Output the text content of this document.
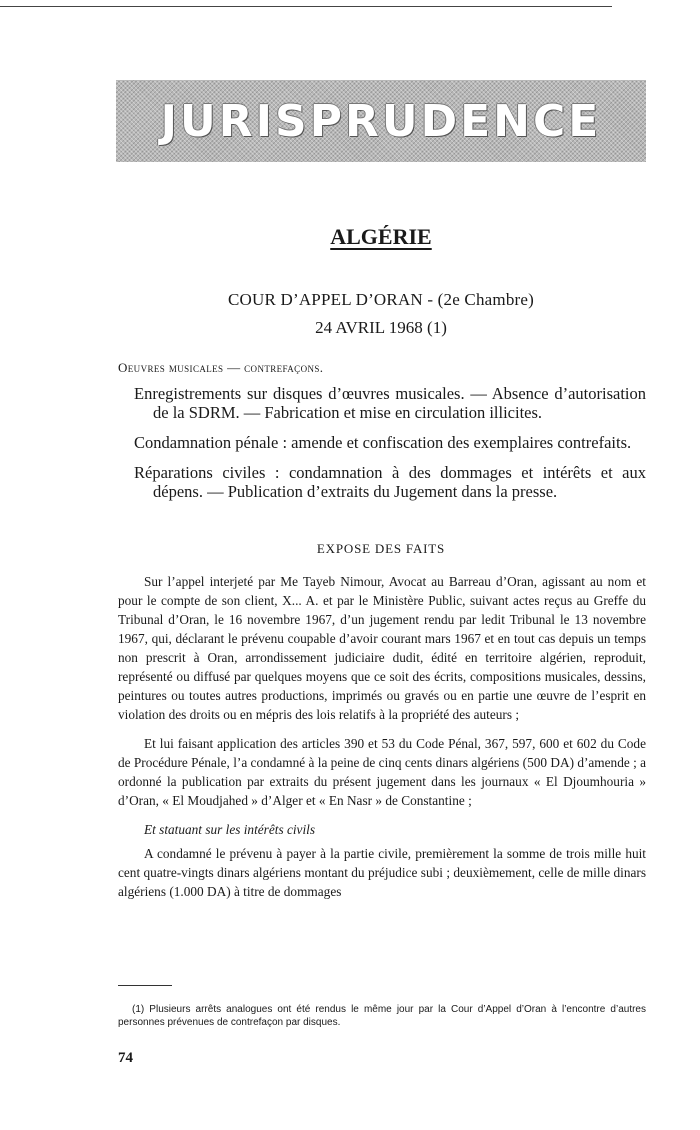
JURISPRUDENCE
ALGÉRIE
COUR D’APPEL D’ORAN - (2e Chambre)
24 AVRIL 1968 (1)
Oeuvres musicales — contrefaçons.

Enregistrements sur disques d’œuvres musicales. — Absence d’autorisation de la SDRM. — Fabrication et mise en circulation illicites.

Condamnation pénale : amende et confiscation des exemplaires contrefaits.

Réparations civiles : condamnation à des dommages et intérêts et aux dépens. — Publication d’extraits du Jugement dans la presse.

EXPOSE DES FAITS

Sur l’appel interjeté par Me Tayeb Nimour, Avocat au Barreau d’Oran, agissant au nom et pour le compte de son client, X... A. et par le Ministère Public, suivant actes reçus au Greffe du Tribunal d’Oran, le 16 novembre 1967, d’un jugement rendu par ledit Tribunal le 13 novembre 1967, qui, déclarant le prévenu coupable d’avoir courant mars 1967 et en tout cas depuis un temps non prescrit à Oran, arrondissement judiciaire dudit, édité en territoire algérien, reproduit, représenté ou diffusé par quelques moyens que ce soit des écrits, compositions musicales, dessins, peintures ou toutes autres productions, imprimés ou gravés ou en partie une œuvre de l’esprit en violation des droits ou en mépris des lois relatifs à la propriété des auteurs ;

Et lui faisant application des articles 390 et 53 du Code Pénal, 367, 597, 600 et 602 du Code de Procédure Pénale, l’a condamné à la peine de cinq cents dinars algériens (500 DA) d’amende ; a ordonné la publication par extraits du présent jugement dans les journaux « El Djoumhouria » d’Oran, « El Moudjahed » d’Alger et « En Nasr » de Constantine ;

Et statuant sur les intérêts civils

A condamné le prévenu à payer à la partie civile, premièrement la somme de trois mille huit cent quatre-vingts dinars algériens montant du préjudice subi ; deuxièmement, celle de mille dinars algériens (1.000 DA) à titre de dommages

(1) Plusieurs arrêts analogues ont été rendus le même jour par la Cour d’Appel d’Oran à l’encontre d’autres personnes prévenues de contrefaçon par disques.
74
